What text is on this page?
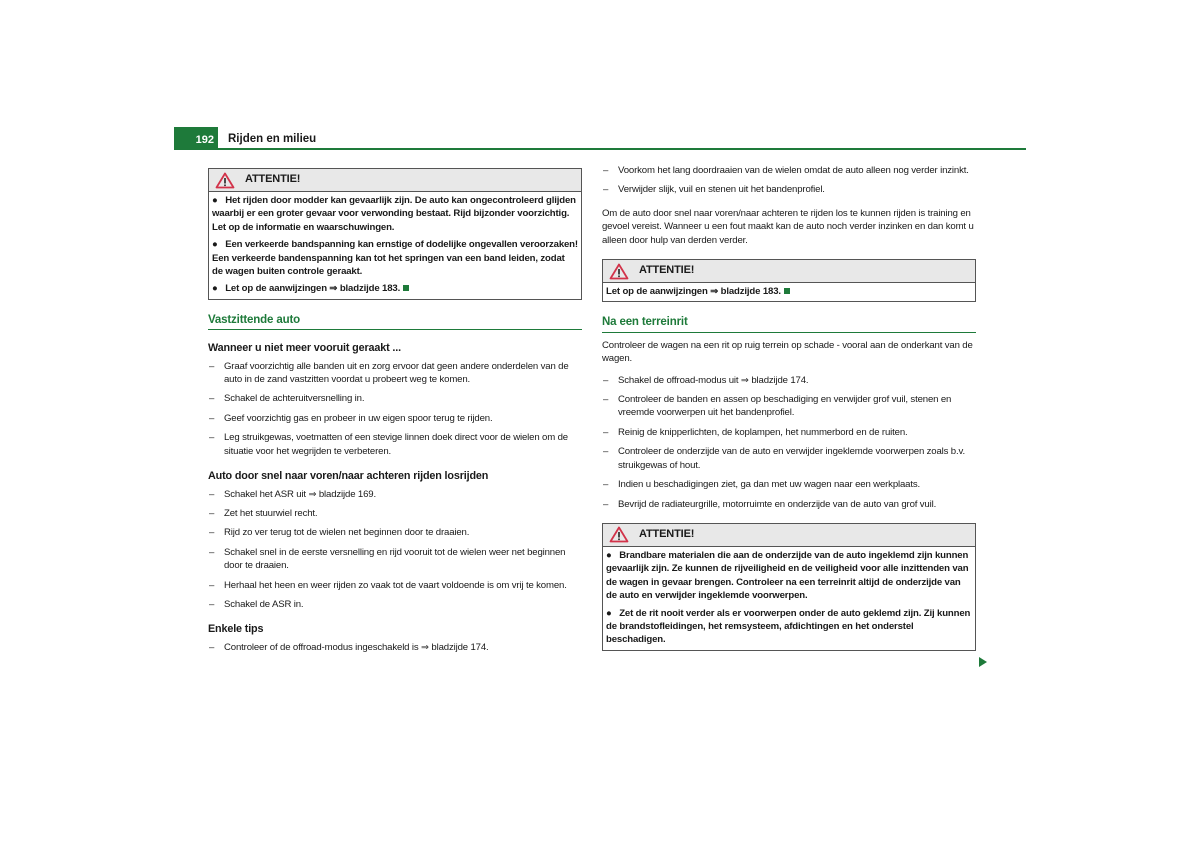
192	Rijden en milieu
ATTENTIE!

●   Het rijden door modder kan gevaarlijk zijn. De auto kan ongecontroleerd glijden waarbij er een groter gevaar voor verwonding bestaat. Rijd bijzonder voorzichtig. Let op de informatie en waarschuwingen.

●   Een verkeerde bandspanning kan ernstige of dodelijke ongevallen veroorzaken! Een verkeerde bandenspanning kan tot het springen van een band leiden, zodat de wagen buiten controle geraakt.

●   Let op de aanwijzingen ⇒ bladzijde 183.

Vastzittende auto
Wanneer u niet meer vooruit geraakt ...
– Graaf voorzichtig alle banden uit en zorg ervoor dat geen andere onderdelen van de auto in de zand vastzitten voordat u probeert weg te komen.
– Schakel de achteruitversnelling in.
– Geef voorzichtig gas en probeer in uw eigen spoor terug te rijden.
– Leg struikgewas, voetmatten of een stevige linnen doek direct voor de wielen om de situatie voor het wegrijden te verbeteren.
Auto door snel naar voren/naar achteren rijden losrijden
– Schakel het ASR uit ⇒ bladzijde 169.
– Zet het stuurwiel recht.
– Rijd zo ver terug tot de wielen net beginnen door te draaien.
– Schakel snel in de eerste versnelling en rijd vooruit tot de wielen weer net beginnen door te draaien.
– Herhaal het heen en weer rijden zo vaak tot de vaart voldoende is om vrij te komen.
– Schakel de ASR in.
Enkele tips
– Controleer of de offroad-modus ingeschakeld is ⇒ bladzijde 174.
– Voorkom het lang doordraaien van de wielen omdat de auto alleen nog verder inzinkt.
– Verwijder slijk, vuil en stenen uit het bandenprofiel.

Om de auto door snel naar voren/naar achteren te rijden los te kunnen rijden is training en gevoel vereist. Wanneer u een fout maakt kan de auto noch verder inzinken en dan komt u alleen door hulp van derden verder.

ATTENTIE!

Let op de aanwijzingen ⇒ bladzijde 183.

Na een terreinrit

Controleer de wagen na een rit op ruig terrein op schade - vooral aan de onderkant van de wagen.

– Schakel de offroad-modus uit ⇒ bladzijde 174.
– Controleer de banden en assen op beschadiging en verwijder grof vuil, stenen en vreemde voorwerpen uit het bandenprofiel.
– Reinig de knipperlichten, de koplampen, het nummerbord en de ruiten.
– Controleer de onderzijde van de auto en verwijder ingeklemde voorwerpen zoals b.v. struikgewas of hout.
– Indien u beschadigingen ziet, ga dan met uw wagen naar een werkplaats.
– Bevrijd de radiateurgrille, motorruimte en onderzijde van de auto van grof vuil.
ATTENTIE!

●   Brandbare materialen die aan de onderzijde van de auto ingeklemd zijn kunnen gevaarlijk zijn. Ze kunnen de rijveiligheid en de veiligheid voor alle inzittenden van de wagen in gevaar brengen. Controleer na een terreinrit altijd de onderzijde van de auto en verwijder ingeklemde voorwerpen.

●   Zet de rit nooit verder als er voorwerpen onder de auto geklemd zijn. Zij kunnen de brandstofleidingen, het remsysteem, afdichtingen en het onderstel beschadigen.
